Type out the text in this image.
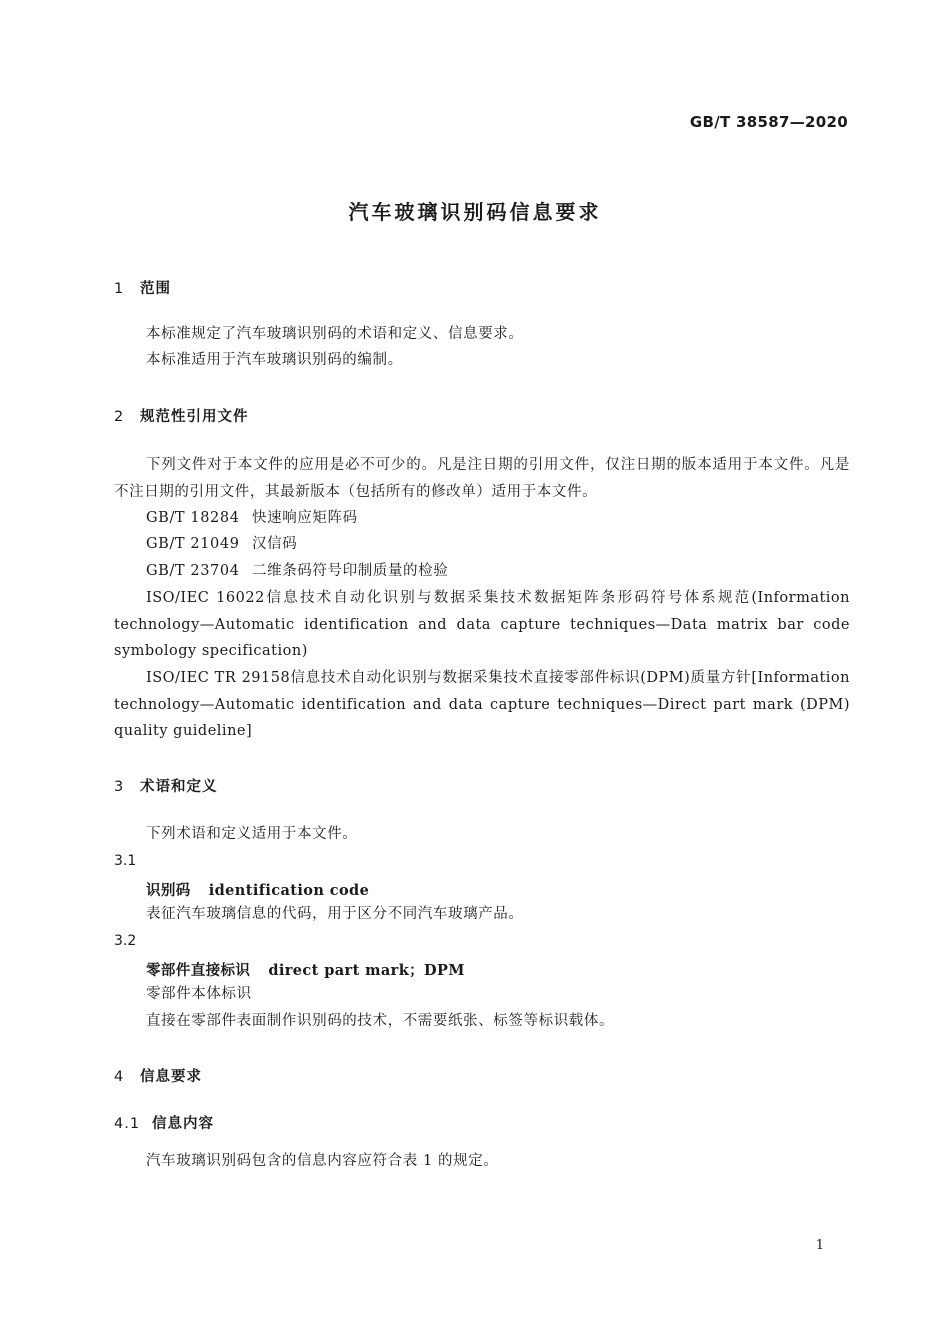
GB/T 38587—2020
汽车玻璃识别码信息要求
1 范围
本标准规定了汽车玻璃识别码的术语和定义、信息要求。
本标准适用于汽车玻璃识别码的编制。
2 规范性引用文件
下列文件对于本文件的应用是必不可少的。凡是注日期的引用文件，仅注日期的版本适用于本文件。凡是不注日期的引用文件，其最新版本（包括所有的修改单）适用于本文件。
GB/T 18284 快速响应矩阵码
GB/T 21049 汉信码
GB/T 23704 二维条码符号印制质量的检验
ISO/IEC 16022信息技术自动化识别与数据采集技术数据矩阵条形码符号体系规范(Information technology—Automatic identification and data capture techniques—Data matrix bar code symbology specification)
ISO/IEC TR 29158信息技术自动化识别与数据采集技术直接零部件标识(DPM)质量方针[Information technology—Automatic identification and data capture techniques—Direct part mark (DPM) quality guideline]
3 术语和定义
下列术语和定义适用于本文件。
3.1
识别码 identification code
表征汽车玻璃信息的代码，用于区分不同汽车玻璃产品。
3.2
零部件直接标识 direct part mark；DPM
零部件本体标识
直接在零部件表面制作识别码的技术，不需要纸张、标签等标识载体。
4 信息要求
4.1 信息内容
汽车玻璃识别码包含的信息内容应符合表 1 的规定。
1
